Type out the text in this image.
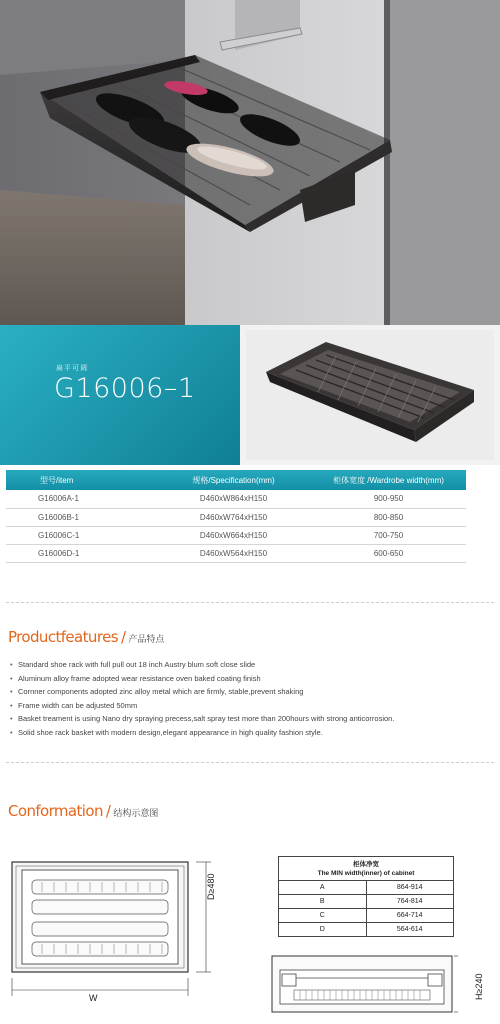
扁平可调
G16006–1
型号/item	规格/Specification(mm)	柜体宽度 /Wardrobe width(mm)
G16006A-1	D460xW864xH150	900-950
G16006B-1	D460xW764xH150	800-850
G16006C-1	D460xW664xH150	700-750
G16006D-1	D460xW564xH150	600-650
Productfeatures / 产品特点
• Standard shoe rack with full pull out 18 inch Austry blum soft close slide
• Aluminum alloy frame adopted wear resistance oven baked coating finish
• Cornner components adopted zinc alloy metal which are firmly, stable,prevent shaking
• Frame width can be adjusted 50mm
• Basket treament is using Nano dry spraying precess,salt spray test more than 200hours with strong anticorrosion.
• Solid shoe rack basket with modern design,elegant appearance in high quality fashion style.
Conformation / 结构示意图
D≥480
W
柜体净宽
The MIN width(inner) of cabinet	
A	864-914
B	764-814
C	664-714
D	564-614
H≥240
